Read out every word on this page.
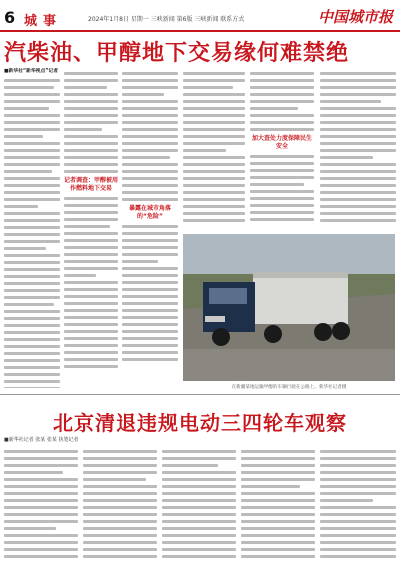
6 城事	2024年1月8日 星期一 三峡新闻 第6版 三峡新闻 联系方式	中国城市报
汽柴油、甲醇地下交易缘何难禁绝
■新华社“新华视点”记者
记者调查：甲醇被用作燃料地下交易
暴露在城市角落的“危险”
加大查处力度保障民生安全
在新疆某地运输甲醇的车辆行驶在公路上。新华社记者摄
北京清退违规电动三四轮车观察
■新华社记者 张某 张某 执笔记者
